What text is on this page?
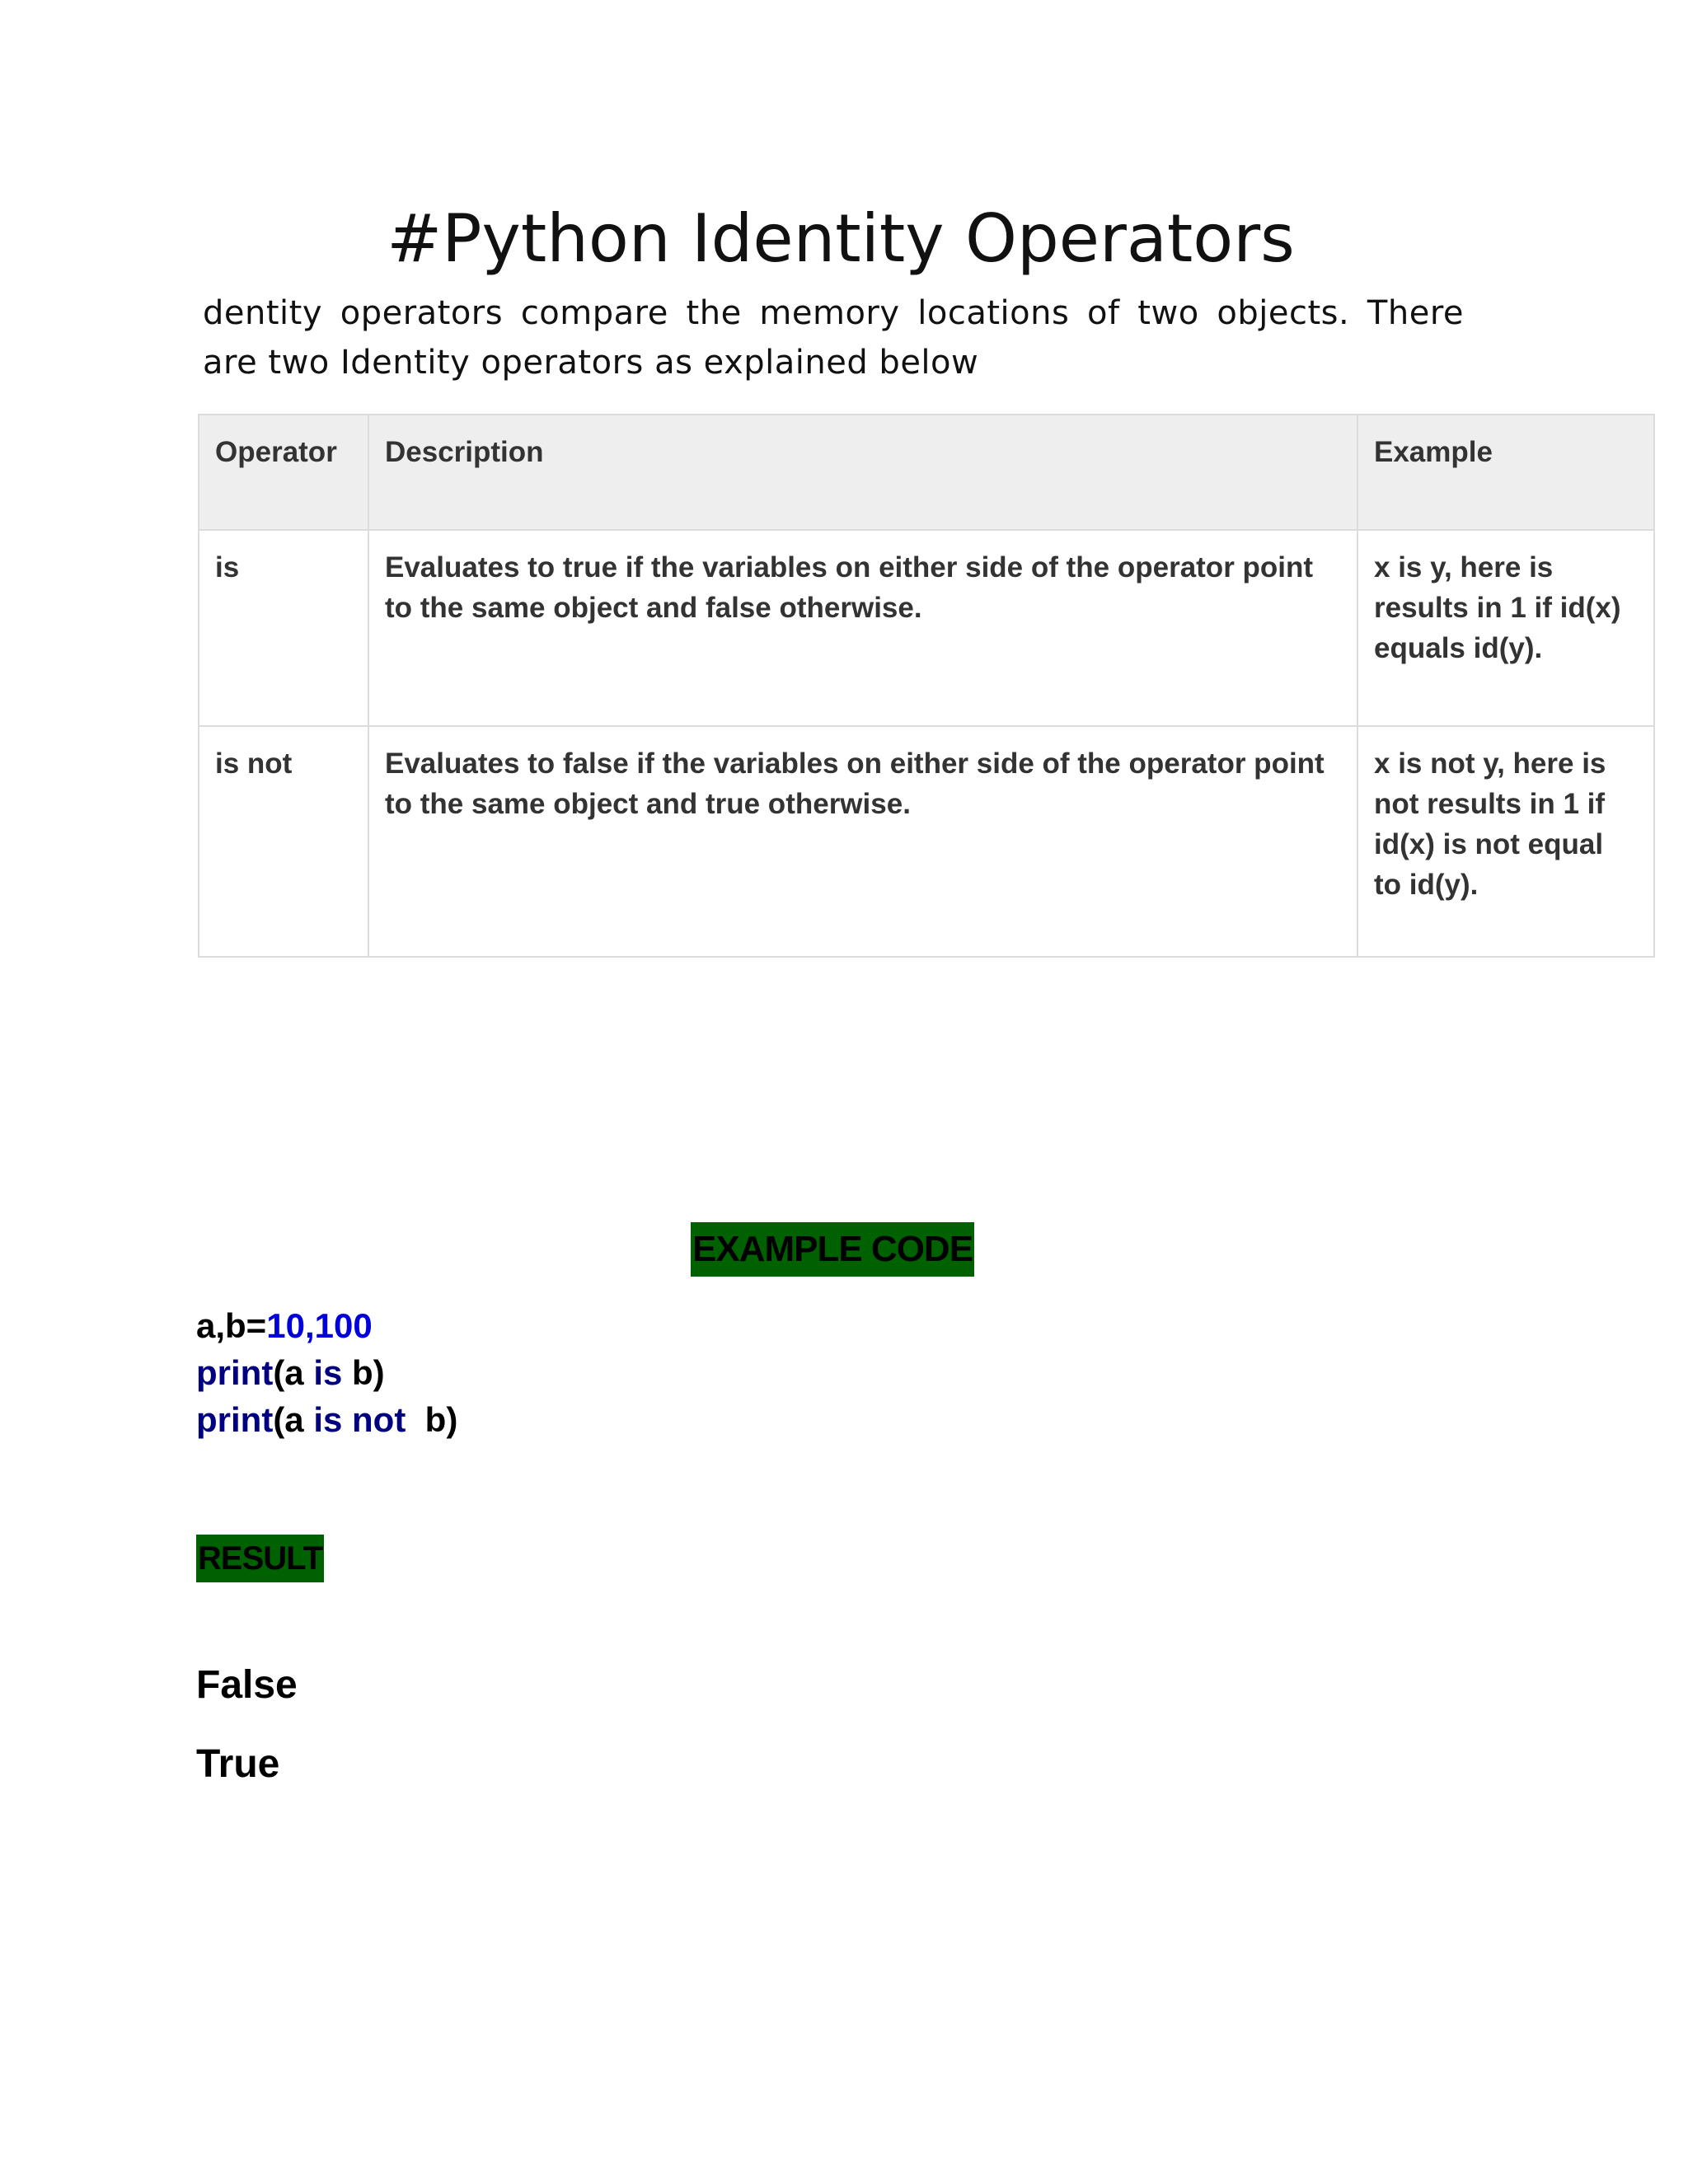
#Python Identity Operators
dentity operators compare the memory locations of two objects. There are two Identity operators as explained below
Operator	Description	Example
is	Evaluates to true if the variables on either side of the operator point to the same object and false otherwise.	x is y, here is results in 1 if id(x) equals id(y).
is not	Evaluates to false if the variables on either side of the operator point to the same object and true otherwise.	x is not y, here is not results in 1 if id(x) is not equal to id(y).
EXAMPLE CODE
a,b=10,100
print(a is b)
print(a is not  b)
RESULT
False
True
